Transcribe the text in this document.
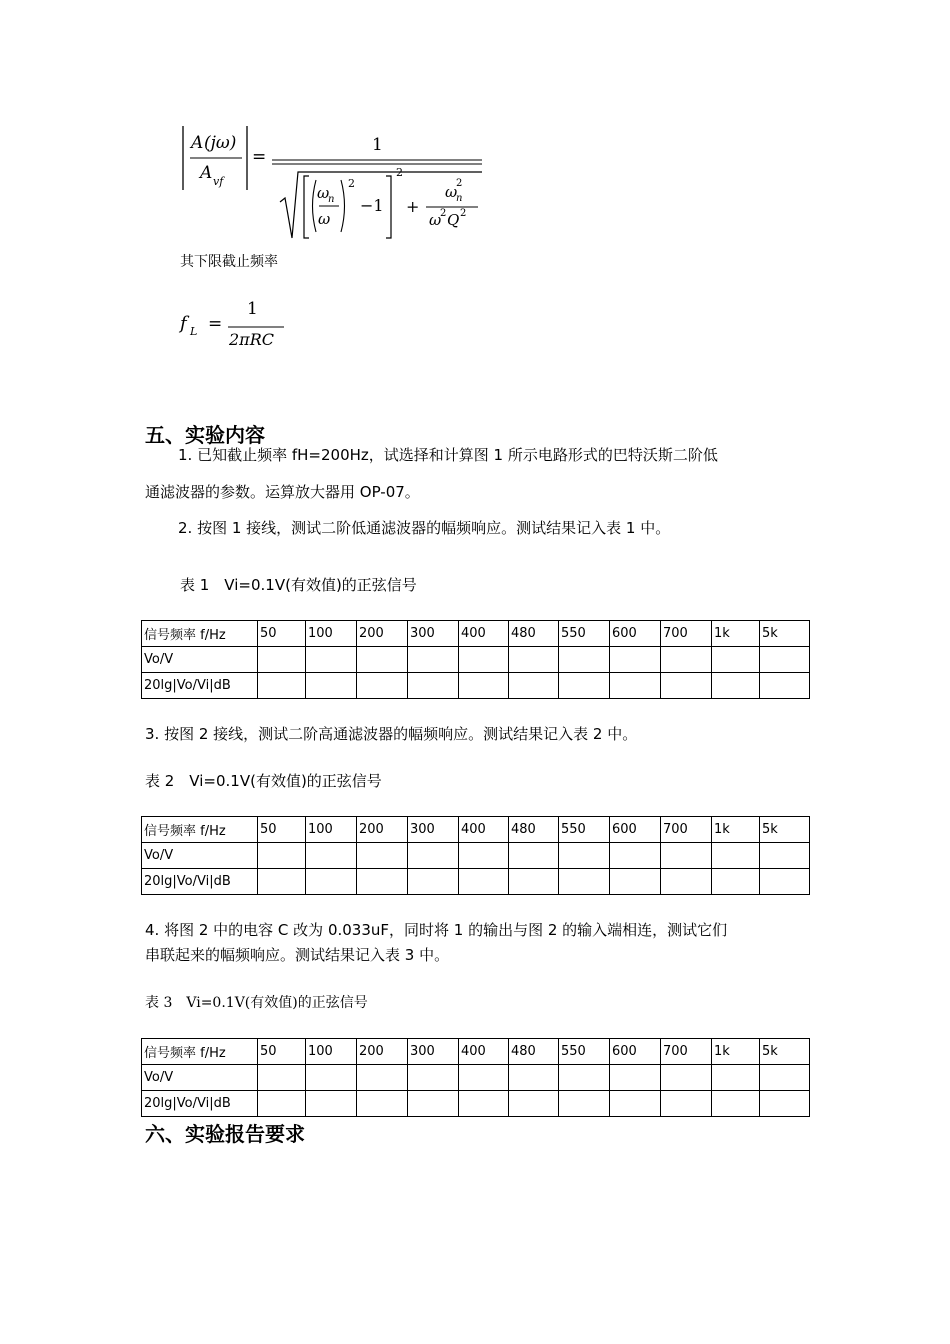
A (jω)
A vf
=
1
ω
n
ω
2
−1
2
+
ω
2
n
ω
2 Q 2
其下限截止频率
f L =
1
2πRC
五、实验内容
1. 已知截止频率 fH=200Hz，试选择和计算图 1 所示电路形式的巴特沃斯二阶低
通滤波器的参数。运算放大器用 OP-07。
2. 按图 1 接线，测试二阶低通滤波器的幅频响应。测试结果记入表 1 中。
表 1　Vi=0.1V(有效值)的正弦信号
信号频率 f/Hz	50	100	200	300	400	480	550	600	700	1k	5k
Vo/V											
20lg|Vo/Vi|dB											
3. 按图 2 接线，测试二阶高通滤波器的幅频响应。测试结果记入表 2 中。
表 2　Vi=0.1V(有效值)的正弦信号
信号频率 f/Hz	50	100	200	300	400	480	550	600	700	1k	5k
Vo/V											
20lg|Vo/Vi|dB											
4. 将图 2 中的电容 C 改为 0.033uF，同时将 1 的输出与图 2 的输入端相连，测试它们
串联起来的幅频响应。测试结果记入表 3 中。
表 3　Vi=0.1V(有效值)的正弦信号
信号频率 f/Hz	50	100	200	300	400	480	550	600	700	1k	5k
Vo/V											
20lg|Vo/Vi|dB											
六、实验报告要求
